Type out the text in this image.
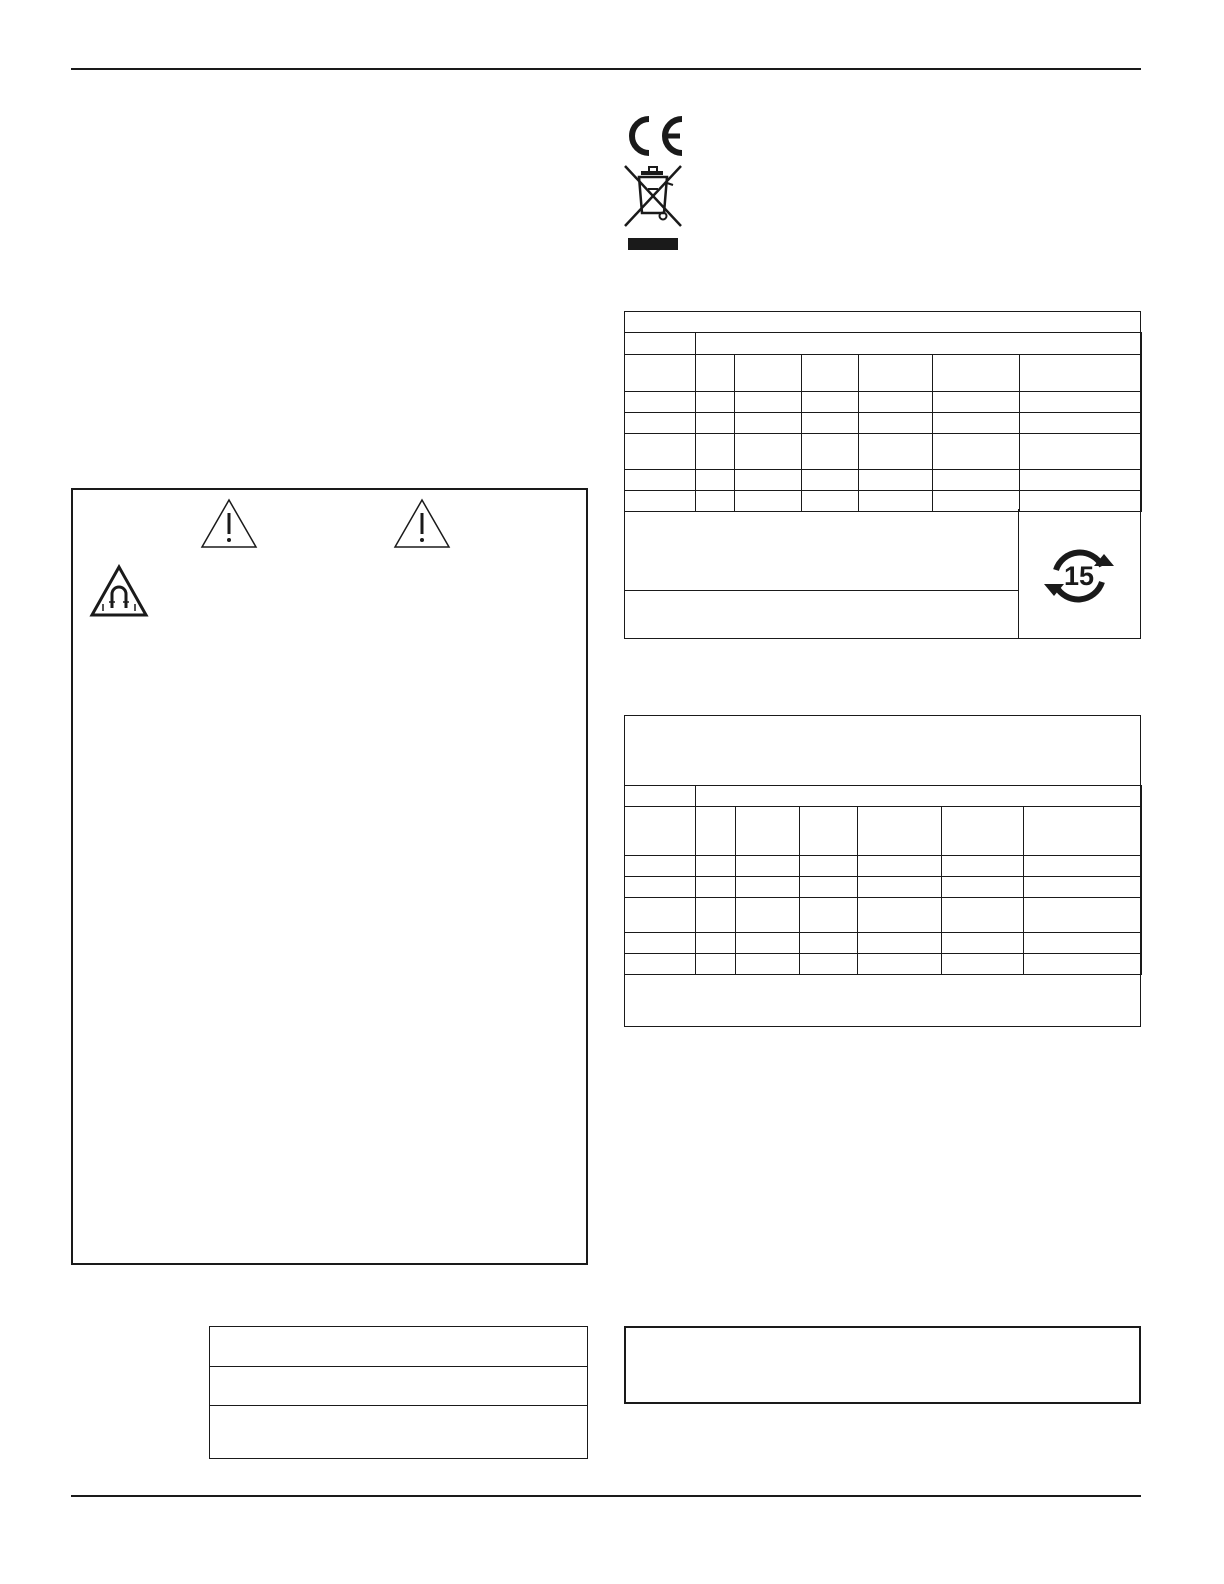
15
